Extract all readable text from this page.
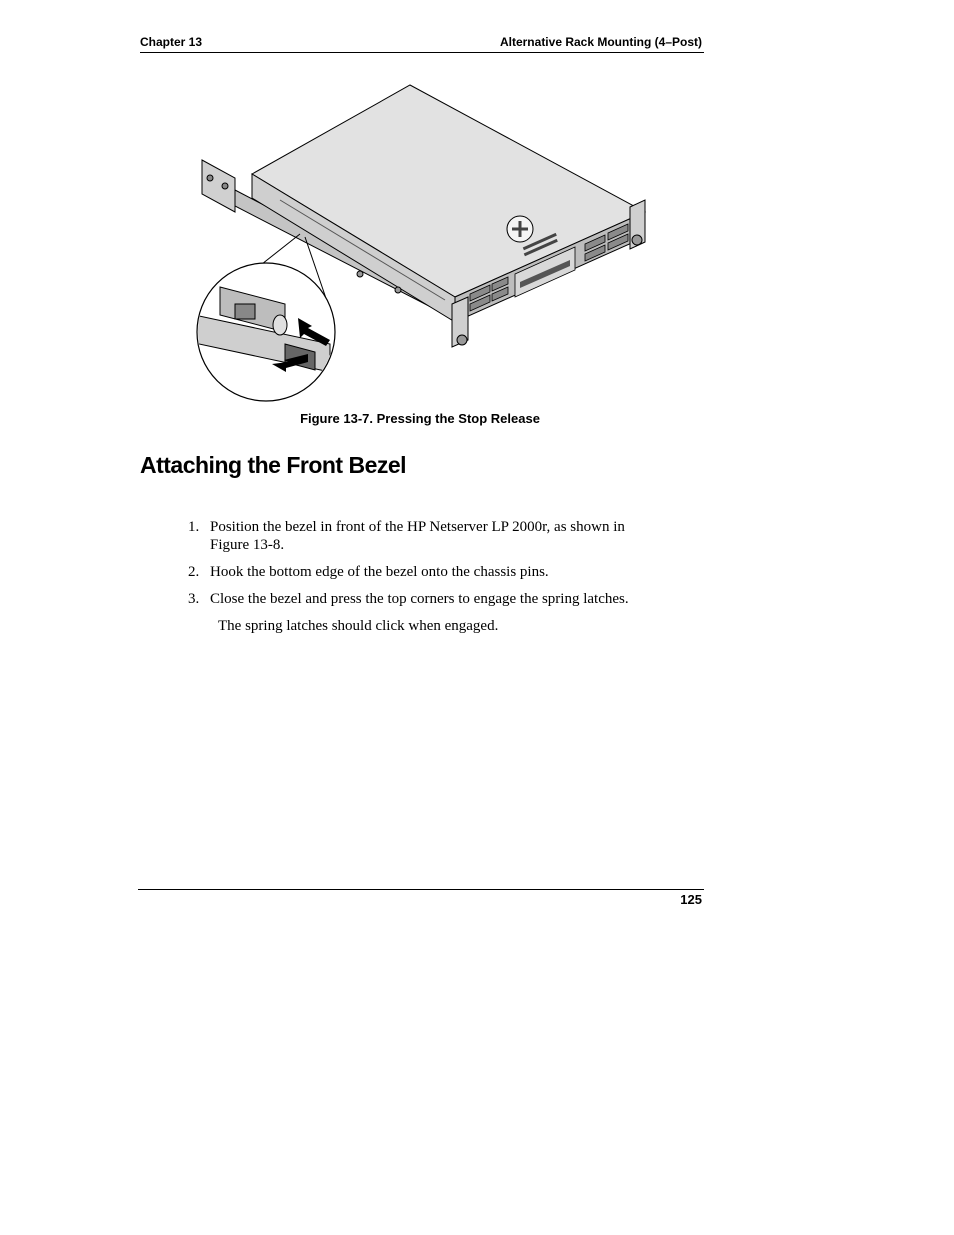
Chapter 13	Alternative Rack Mounting (4–Post)
Figure 13-7. Pressing the Stop Release
Attaching the Front Bezel
1. Position the bezel in front of the HP Netserver LP 2000r, as shown in Figure 13-8.
2. Hook the bottom edge of the bezel onto the chassis pins.
3. Close the bezel and press the top corners to engage the spring latches.
The spring latches should click when engaged.
125
